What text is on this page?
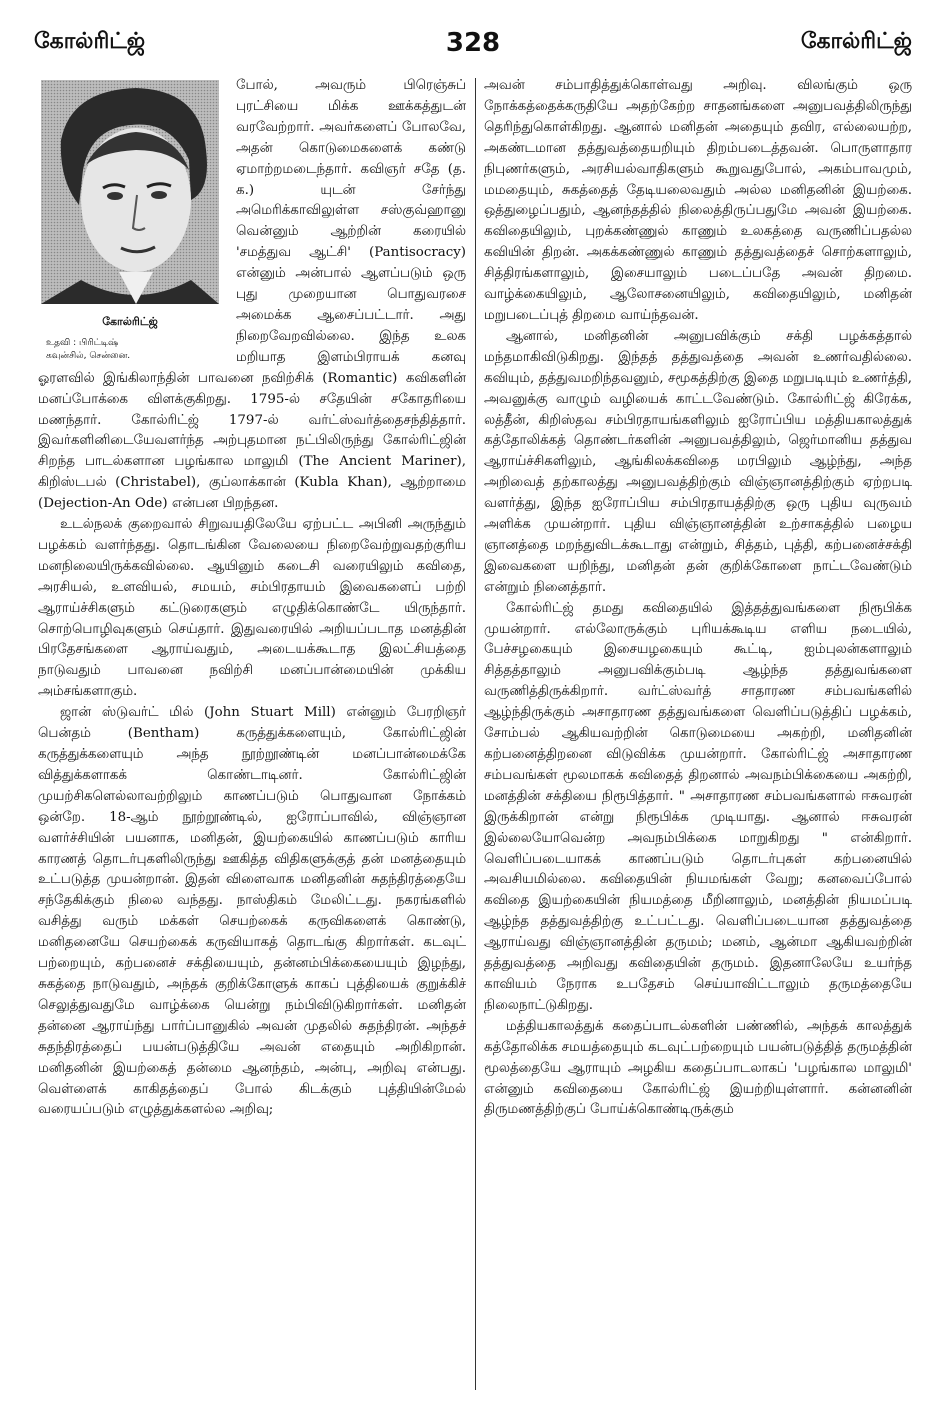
கோல்ரிட்ஜ்	328	கோல்ரிட்ஜ்

கோல்ரிட்ஜ்
உதவி : பிரிட்டிஷ்
கவுன்சில், சென்னை.
போல், அவரும் பிரெஞ்சுப் புரட்சியை மிக்க ஊக்கத்துடன் வரவேற்றார். அவர்களைப் போலவே, அதன் கொடுமைகளைக் கண்டு ஏமாற்றமடைந்தார். கவிஞர் சதே (த. க.) யுடன் சேர்ந்து அமெரிக்காவிலுள்ள சஸ்குவ்ஹானு வென்னும் ஆற்றின் கரையில் 'சமத்துவ ஆட்சி' (Pantisocracy) என்னும் அன்பால் ஆளப்படும் ஒரு புது முறையான பொதுவரசை அமைக்க ஆசைப்பட்டார். அது நிறைவேறவில்லை. இந்த உலக மறியாத இளம்பிராயக் கனவு ஓரளவில் இங்கிலாந்தின் பாவனை நவிற்சிக் (Romantic) கவிகளின் மனப்போக்கை விளக்குகிறது. 1795-ல் சதேயின் சகோதரியை மணந்தார். கோல்ரிட்ஜ் 1797-ல் வர்ட்ஸ்வர்த்தைசந்தித்தார். இவர்களினிடையேவளர்ந்த அற்புதமான நட்பிலிருந்து கோல்ரிட்ஜின் சிறந்த பாடல்களான பழங்கால மாலுமி (The Ancient Mariner), கிறிஸ்டபல் (Christabel), குப்லாக்கான் (Kubla Khan), ஆற்றாமை (Dejection-An Ode) என்பன பிறந்தன.

உடல்நலக் குறைவால் சிறுவயதிலேயே ஏற்பட்ட அபினி அருந்தும் பழக்கம் வளர்ந்தது. தொடங்கின வேலையை நிறைவேற்றுவதற்குரிய மனநிலையிருக்கவில்லை. ஆயினும் கடைசி வரையிலும் கவிதை, அரசியல், உளவியல், சமயம், சம்பிரதாயம் இவைகளைப் பற்றி ஆராய்ச்சிகளும் கட்டுரைகளும் எழுதிக்கொண்டே யிருந்தார். சொற்பொழிவுகளும் செய்தார். இதுவரையில் அறியப்படாத மனத்தின் பிரதேசங்களை ஆராய்வதும், அடையக்கூடாத இலட்சியத்தை நாடுவதும் பாவனை நவிற்சி மனப்பான்மையின் முக்கிய அம்சங்களாகும்.

ஜான் ஸ்டுவர்ட் மில் (John Stuart Mill) என்னும் பேரறிஞர் பென்தம் (Bentham) கருத்துக்களையும், கோல்ரிட்ஜின் கருத்துக்களையும் அந்த நூற்றூண்டின் மனப்பான்மைக்கே வித்துக்களாகக் கொண்டாடினர். கோல்ரிட்ஜின் முயற்சிகளெல்லாவற்றிலும் காணப்படும் பொதுவான நோக்கம் ஒன்றே. 18-ஆம் நூற்றூண்டில், ஐரோப்பாவில், விஞ்ஞான வளர்ச்சியின் பயனாக, மனிதன், இயற்கையில் காணப்படும் காரிய காரணத் தொடர்புகளிலிருந்து ஊகித்த விதிகளுக்குத் தன் மனத்தையும் உட்படுத்த முயன்றான். இதன் விளைவாக மனிதனின் சுதந்திரத்தையே சந்தேகிக்கும் நிலை வந்தது. நாஸ்திகம் மேலிட்டது. நகரங்களில் வசித்து வரும் மக்கள் செயற்கைக் கருவிகளைக் கொண்டு, மனிதனையே செயற்கைக் கருவியாகத் தொடங்கு கிறார்கள். கடவுட் பற்றையும், கற்பனைச் சக்தியையும், தன்னம்பிக்கையையும் இழந்து, சுகத்தை நாடுவதும், அந்தக் குறிக்கோளுக் காகப் புத்தியைக் குறுக்கிச் செலுத்துவதுமே வாழ்க்கை யென்று நம்பிவிடுகிறார்கள். மனிதன் தன்னை ஆராய்ந்து பார்ப்பானுகில் அவன் முதலில் சுதந்திரன். அந்தச் சுதந்திரத்தைப் பயன்படுத்தியே அவன் எதையும் அறிகிறான். மனிதனின் இயற்கைத் தன்மை ஆனந்தம், அன்பு, அறிவு என்பது. வெள்ளைக் காகிதத்தைப் போல் கிடக்கும் புத்தியின்மேல் வரையப்படும் எழுத்துக்களல்ல அறிவு;

அவன் சம்பாதித்துக்கொள்வது அறிவு. விலங்கும் ஒரு நோக்கத்தைக்கருதியே அதற்கேற்ற சாதனங்களை அனுபவத்திலிருந்து தெரிந்துகொள்கிறது. ஆனால் மனிதன் அதையும் தவிர, எல்லையற்ற, அகண்டமான தத்துவத்தையறியும் திறம்படைத்தவன். பொருளாதார நிபுணர்களும், அரசியல்வாதிகளும் கூறுவதுபோல், அகம்பாவமும், மமதையும், சுகத்தைத் தேடியலைவதும் அல்ல மனிதனின் இயற்கை. ஒத்துழைப்பதும், ஆனந்தத்தில் நிலைத்திருப்பதுமே அவன் இயற்கை. கவிதையிலும், புறக்கண்ணுல் காணும் உலகத்தை வருணிப்பதல்ல கவியின் திறன். அகக்கண்ணுல் காணும் தத்துவத்தைச் சொற்களாலும், சித்திரங்களாலும், இசையாலும் படைப்பதே அவன் திறமை. வாழ்க்கையிலும், ஆலோசனையிலும், கவிதையிலும், மனிதன் மறுபடைப்புத் திறமை வாய்ந்தவன்.

ஆனால், மனிதனின் அனுபவிக்கும் சக்தி பழக்கத்தால் மந்தமாகிவிடுகிறது. இந்தத் தத்துவத்தை அவன் உணர்வதில்லை. கவியும், தத்துவமறிந்தவனும், சமூகத்திற்கு இதை மறுபடியும் உணர்த்தி, அவனுக்கு வாழும் வழியைக் காட்டவேண்டும். கோல்ரிட்ஜ் கிரேக்க, லத்தீன், கிறிஸ்தவ சம்பிரதாயங்களிலும் ஐரோப்பிய மத்தியகாலத்துக் கத்தோலிக்கத் தொண்டர்களின் அனுபவத்திலும், ஜெர்மானிய தத்துவ ஆராய்ச்சிகளிலும், ஆங்கிலக்கவிதை மரபிலும் ஆழ்ந்து, அந்த அறிவைத் தற்காலத்து அனுபவத்திற்கும் விஞ்ஞானத்திற்கும் ஏற்றபடி வளர்த்து, இந்த ஐரோப்பிய சம்பிரதாயத்திற்கு ஒரு புதிய வுருவம் அளிக்க முயன்றார். புதிய விஞ்ஞானத்தின் உற்சாகத்தில் பழைய ஞானத்தை மறந்துவிடக்கூடாது என்றும், சித்தம், புத்தி, கற்பனைச்சக்தி இவைகளை யறிந்து, மனிதன் தன் குறிக்கோளை நாட்டவேண்டும் என்றும் நினைத்தார்.

கோல்ரிட்ஜ் தமது கவிதையில் இத்தத்துவங்களை நிரூபிக்க முயன்றார். எல்லோருக்கும் புரியக்கூடிய எளிய நடையில், பேச்சழகையும் இசையழகையும் கூட்டி, ஐம்புலன்களாலும் சித்தத்தாலும் அனுபவிக்கும்படி ஆழ்ந்த தத்துவங்களை வருணித்திருக்கிறார். வர்ட்ஸ்வர்த் சாதாரண சம்பவங்களில் ஆழ்ந்திருக்கும் அசாதாரண தத்துவங்களை வெளிப்படுத்திப் பழக்கம், சோம்பல் ஆகியவற்றின் கொடுமையை அகற்றி, மனிதனின் கற்பனைத்திறனை விடுவிக்க முயன்றார். கோல்ரிட்ஜ் அசாதாரண சம்பவங்கள் மூலமாகக் கவிதைத் திறனால் அவநம்பிக்கையை அகற்றி, மனத்தின் சக்தியை நிரூபித்தார். " அசாதாரண சம்பவங்களால் ஈசுவரன் இருக்கிறான் என்று நிரூபிக்க முடியாது. ஆனால் ஈசுவரன் இல்லையோவென்ற அவநம்பிக்கை மாறுகிறது " என்கிறார். வெளிப்படையாகக் காணப்படும் தொடர்புகள் கற்பனையில் அவசியமில்லை. கவிதையின் நியமங்கள் வேறு; கனவைப்போல் கவிதை இயற்கையின் நியமத்தை மீறினாலும், மனத்தின் நியமப்படி ஆழ்ந்த தத்துவத்திற்கு உட்பட்டது. வெளிப்படையான தத்துவத்தை ஆராய்வது விஞ்ஞானத்தின் தருமம்; மனம், ஆன்மா ஆகியவற்றின் தத்துவத்தை அறிவது கவிதையின் தருமம். இதனாலேயே உயர்ந்த காவியம் நேராக உபதேசம் செய்யாவிட்டாலும் தருமத்தையே நிலைநாட்டுகிறது.

மத்தியகாலத்துக் கதைப்பாடல்களின் பண்ணில், அந்தக் காலத்துக் கத்தோலிக்க சமயத்தையும் கடவுட்பற்றையும் பயன்படுத்தித் தருமத்தின் மூலத்தையே ஆராயும் அழகிய கதைப்பாடலாகப் 'பழங்கால மாலுமி' என்னும் கவிதையை கோல்ரிட்ஜ் இயற்றியுள்ளார். கன்னனின் திருமணத்திற்குப் போய்க்கொண்டிருக்கும்
